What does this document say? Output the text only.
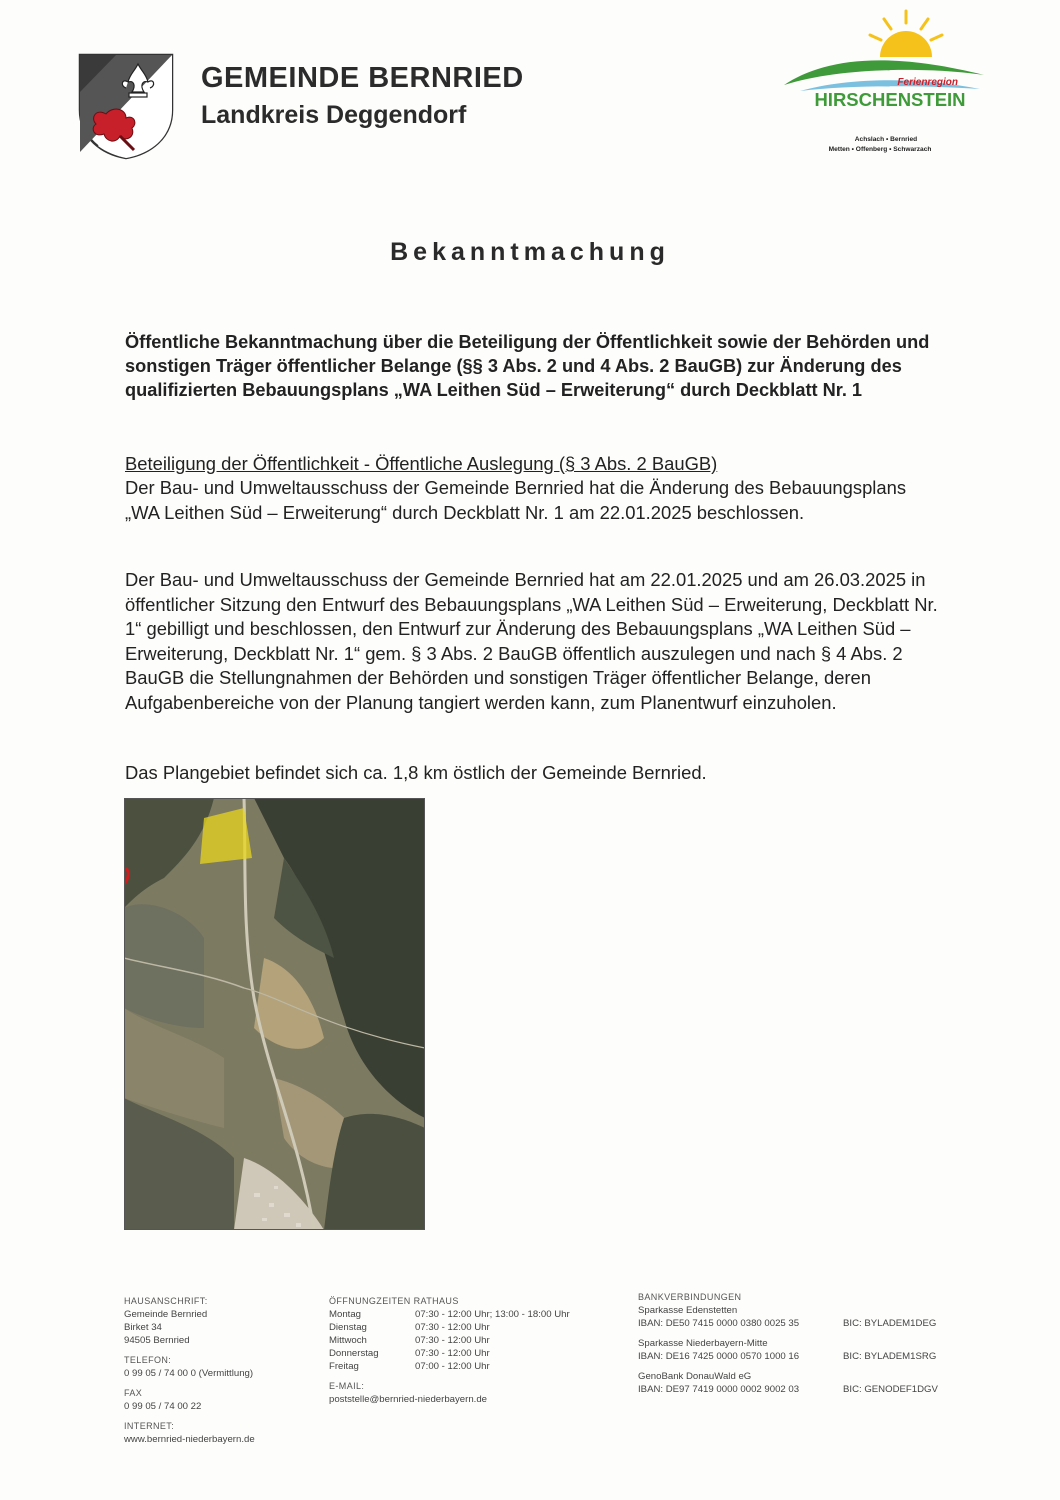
GEMEINDE BERNRIED
Landkreis Deggendorf
Ferienregion
HIRSCHENSTEIN
Achslach • Bernried
Metten • Offenberg • Schwarzach
Bekanntmachung
Öffentliche Bekanntmachung über die Beteiligung der Öffentlichkeit sowie der Behörden und sonstigen Träger öffentlicher Belange (§§ 3 Abs. 2 und 4 Abs. 2 BauGB) zur Änderung des qualifizierten Bebauungsplans „WA Leithen Süd – Erweiterung“ durch Deckblatt Nr. 1
Beteiligung der Öffentlichkeit - Öffentliche Auslegung (§ 3 Abs. 2 BauGB)
Der Bau- und Umweltausschuss der Gemeinde Bernried hat die Änderung des Bebauungsplans „WA Leithen Süd – Erweiterung“ durch Deckblatt Nr. 1 am 22.01.2025 beschlossen.
Der Bau- und Umweltausschuss der Gemeinde Bernried hat am 22.01.2025 und am 26.03.2025 in öffentlicher Sitzung den Entwurf des Bebauungsplans „WA Leithen Süd – Erweiterung, Deckblatt Nr. 1“ gebilligt und beschlossen, den Entwurf zur Änderung des Bebauungsplans „WA Leithen Süd – Erweiterung, Deckblatt Nr. 1“ gem. § 3 Abs. 2 BauGB öffentlich auszulegen und nach § 4 Abs. 2 BauGB die Stellungnahmen der Behörden und sonstigen Träger öffentlicher Belange, deren Aufgabenbereiche von der Planung tangiert werden kann, zum Planentwurf einzuholen.
Das Plangebiet befindet sich ca. 1,8 km östlich der Gemeinde Bernried.
HAUSANSCHRIFT:
Gemeinde Bernried
Birket 34
94505 Bernried
TELEFON:
0 99 05 / 74 00 0 (Vermittlung)
FAX
0 99 05 / 74 00 22
INTERNET:
www.bernried-niederbayern.de
ÖFFNUNGZEITEN RATHAUS
Montag	07:30 - 12:00 Uhr; 13:00 - 18:00 Uhr
Dienstag	07:30 - 12:00 Uhr
Mittwoch	07:30 - 12:00 Uhr
Donnerstag	07:30 - 12:00 Uhr
Freitag	07:00 - 12:00 Uhr
E-MAIL:
poststelle@bernried-niederbayern.de
BANKVERBINDUNGEN
Sparkasse Edenstetten
IBAN: DE50 7415 0000 0380 0025 35	BIC: BYLADEM1DEG
Sparkasse Niederbayern-Mitte
IBAN: DE16 7425 0000 0570 1000 16	BIC: BYLADEM1SRG
GenoBank DonauWald eG
IBAN: DE97 7419 0000 0002 9002 03	BIC: GENODEF1DGV
